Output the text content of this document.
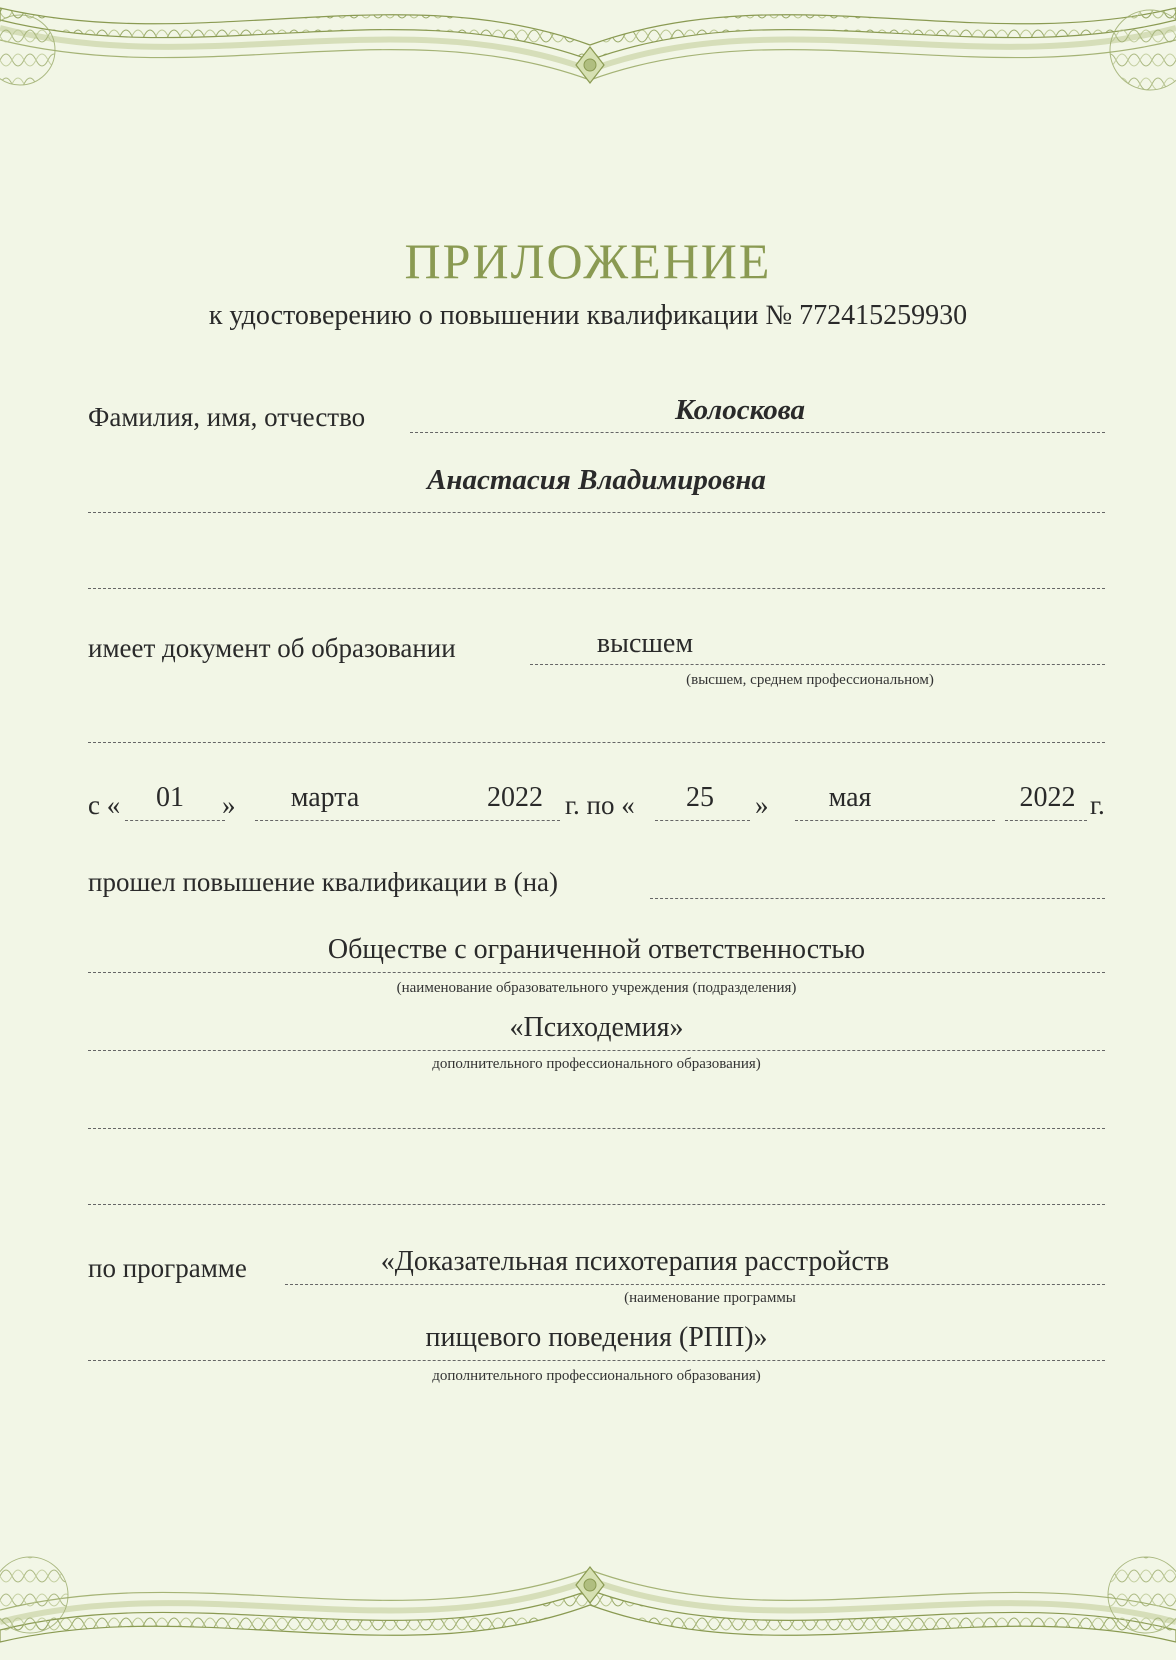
ПРИЛОЖЕНИЕ
к удостоверению о повышении квалификации № 772415259930
Фамилия, имя, отчество	Колоскова
Анастасия Владимировна
имеет документ об образовании	высшем
(высшем, среднем профессиональном)
с «	01	»	марта	2022 г. по «	25	»	мая	2022 г.
прошел повышение квалификации в (на)
Обществе с ограниченной ответственностью
(наименование образовательного учреждения (подразделения)
«Психодемия»
дополнительного профессионального образования)
по программе	«Доказательная психотерапия расстройств
(наименование программы
пищевого поведения (РПП)»
дополнительного профессионального образования)
